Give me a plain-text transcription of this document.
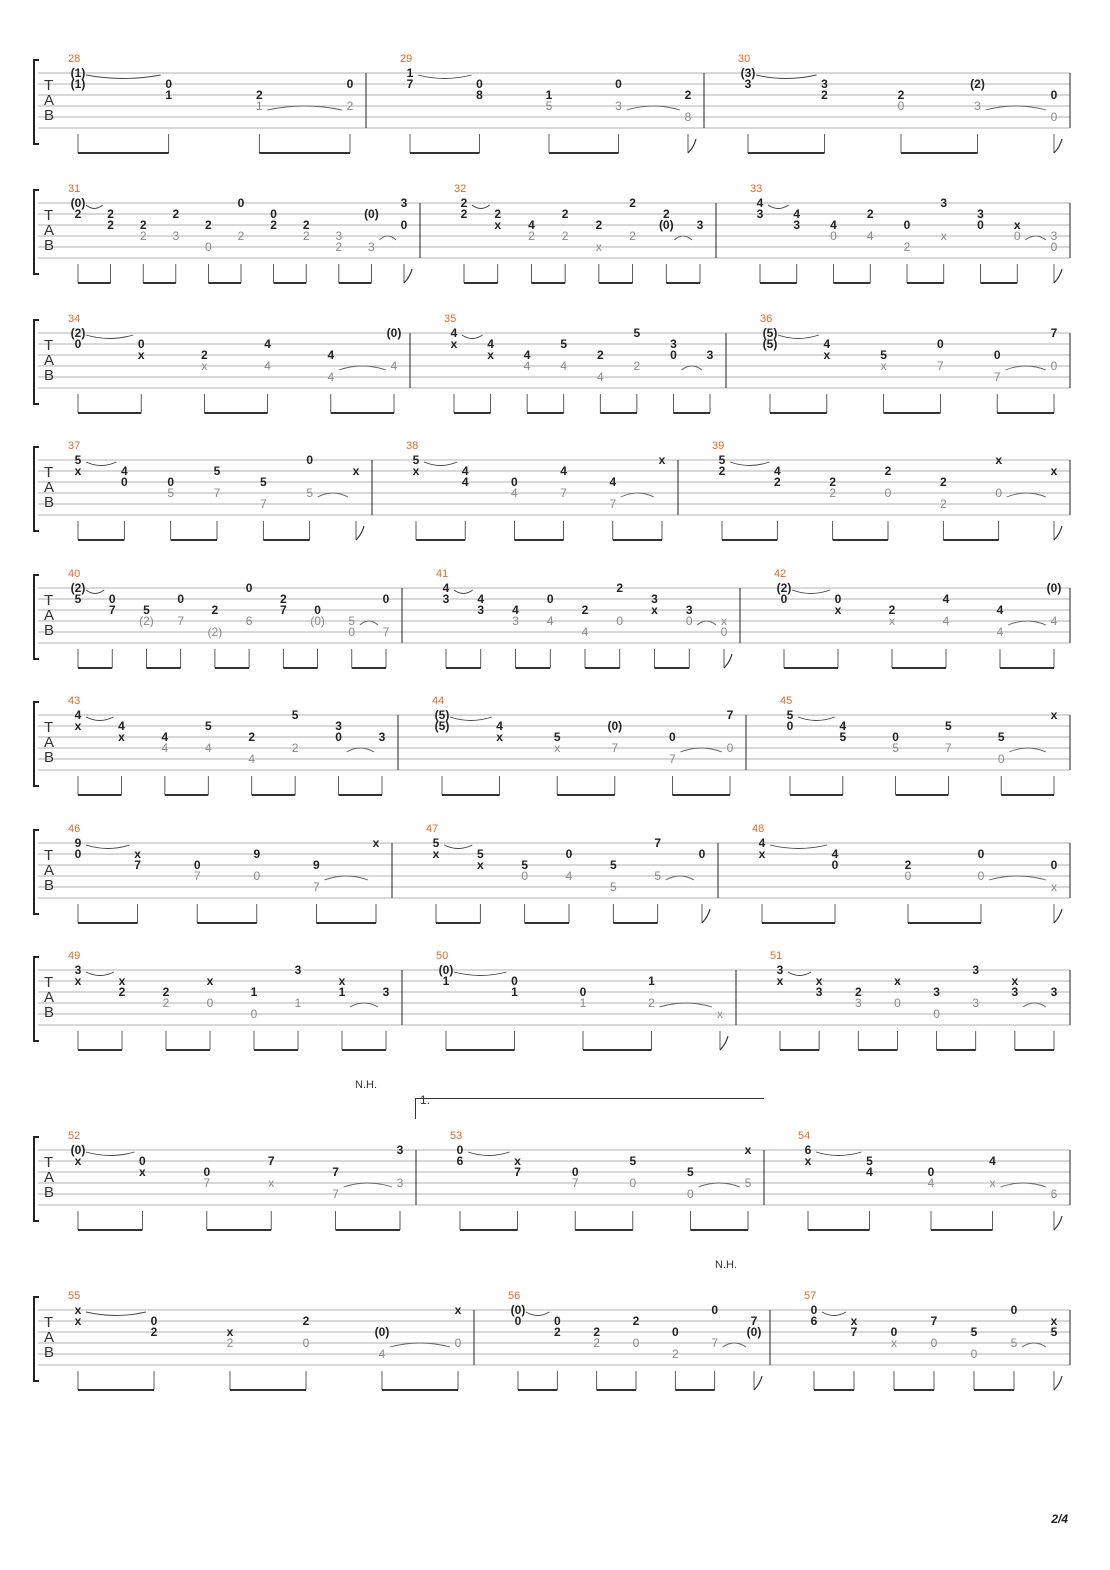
N.H.
N.H.
1.
T
A
B
28
(1)
0
2
2
(1)
1
1
0
29
1
0
1
3
8
7
8
5
0
2
30
(3)
3
2
3
0
3
2
0
(2)
0
T
A
B
31
(0)
2
2
3
0
0
0
2
3
3
3
2
2
2
2
2
2
2
2
2
(0)
0
32
2
2
4
2
x
2
2
3
2
x
2
2
2
2
(0)
33
4
4
4
4
2
3
3
x
3
3
3
0
2
0
x
0
0
0
T
A
B
34
(2)
0
2
4
4
(0)
0
x
x
4
4
4
35
4
4
4
4
4
5
3
3
x
x
4
5
2
2
0
36
(5)
4
5
7
7
7
(5)
x
x
0
0
0
T
A
B
37
5
4
0
7
7
0
x
x
0
5
5
5
5
38
5
4
0
7
7
x
x
4
4
4
4
39
5
4
2
0
2
x
x
2
2
2
2
2
0
T
A
B
40
(2)
0
5
7
(2)
0
2
0
5
7
5
7
(2)
0
2
6
7
(0)
0
0
41
4
4
4
4
4
2
3
3
x
3
3
3
0
2
0
x
0
0
42
(2)
0
2
4
4
(0)
0
x
x
4
4
4
T
A
B
43
4
4
4
4
4
5
3
3
x
x
4
5
2
2
0
44
(5)
4
5
7
7
7
(5)
x
x
(0)
0
0
45
5
4
0
7
0
x
0
5
5
5
5
T
A
B
46
9
x
0
0
7
x
0
7
7
9
9
47
5
5
5
4
5
7
0
x
x
0
0
5
5
48
4
4
2
0
x
x
0
0
0
0
T
A
B
49
3
x
2
0
0
3
x
3
x
2
2
x
1
1
1
50
(0)
0
0
2
x
1
1
1
1
51
3
x
2
0
0
3
x
3
x
3
3
x
3
3
3
T
A
B
52
(0)
0
0
x
7
3
x
x
7
7
7
3
53
0
x
0
0
0
x
6
7
7
5
5
5
54
6
5
0
x
6
x
4
4
4
T
A
B
55
x
0
x
0
4
x
x
2
2
2
(0)
0
56
(0)
0
2
0
2
0
7
0
2
2
2
0
7
(0)
57
0
x
0
0
0
0
x
6
7
x
7
5
5
5
2/4
